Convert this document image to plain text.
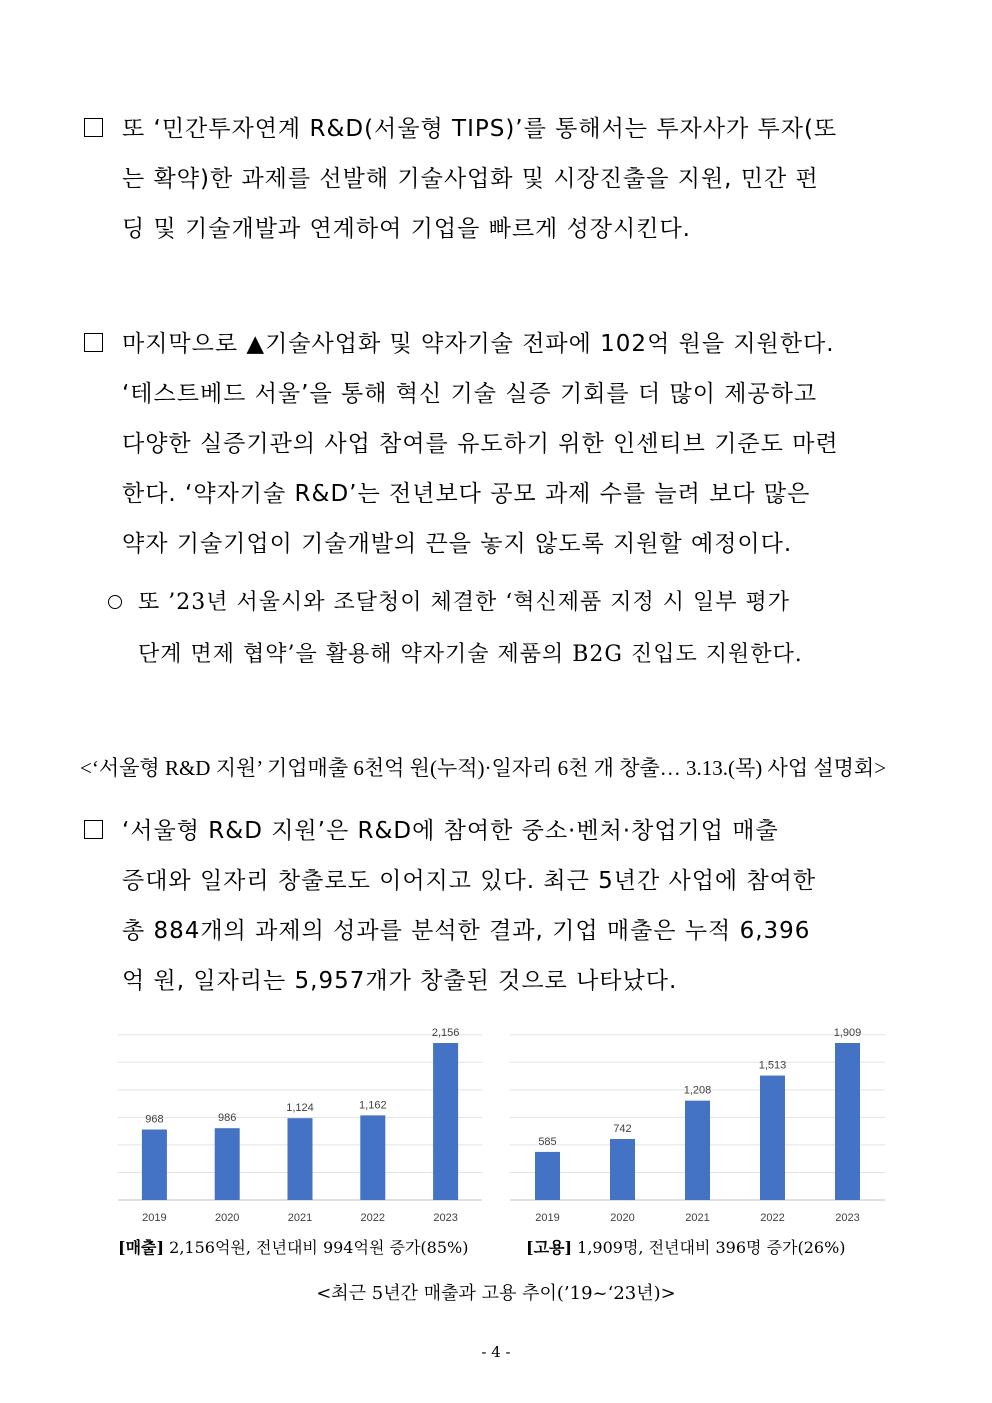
또 ‘민간투자연계 R&D(서울형 TIPS)’를 통해서는 투자사가 투자(또
는 확약)한 과제를 선발해 기술사업화 및 시장진출을 지원, 민간 펀
딩 및 기술개발과 연계하여 기업을 빠르게 성장시킨다.
마지막으로 ▲기술사업화 및 약자기술 전파에 102억 원을 지원한다.
‘테스트베드 서울’을 통해 혁신 기술 실증 기회를 더 많이 제공하고
다양한 실증기관의 사업 참여를 유도하기 위한 인센티브 기준도 마련
한다. ‘약자기술 R&D’는 전년보다 공모 과제 수를 늘려 보다 많은
약자 기술기업이 기술개발의 끈을 놓지 않도록 지원할 예정이다.
또 ’23년 서울시와 조달청이 체결한 ‘혁신제품 지정 시 일부 평가
단계 면제 협약’을 활용해 약자기술 제품의 B2G 진입도 지원한다.
<‘서울형 R&D 지원’ 기업매출 6천억 원(누적)·일자리 6천 개 창출… 3.13.(목) 사업 설명회>
‘서울형 R&D 지원’은 R&D에 참여한 중소·벤처·창업기업 매출
증대와 일자리 창출로도 이어지고 있다. 최근 5년간 사업에 참여한
총 884개의 과제의 성과를 분석한 결과, 기업 매출은 누적 6,396
억 원, 일자리는 5,957개가 창출된 것으로 나타났다.
968
2019
986
2020
1,124
2021
1,162
2022
2,156
2023
585
2019
742
2020
1,208
2021
1,513
2022
1,909
2023
[매출] 2,156억원, 전년대비 994억원 증가(85%)	[고용] 1,909명, 전년대비 396명 증가(26%)
<최근 5년간 매출과 고용 추이(’19~‘23년)>
- 4 -
